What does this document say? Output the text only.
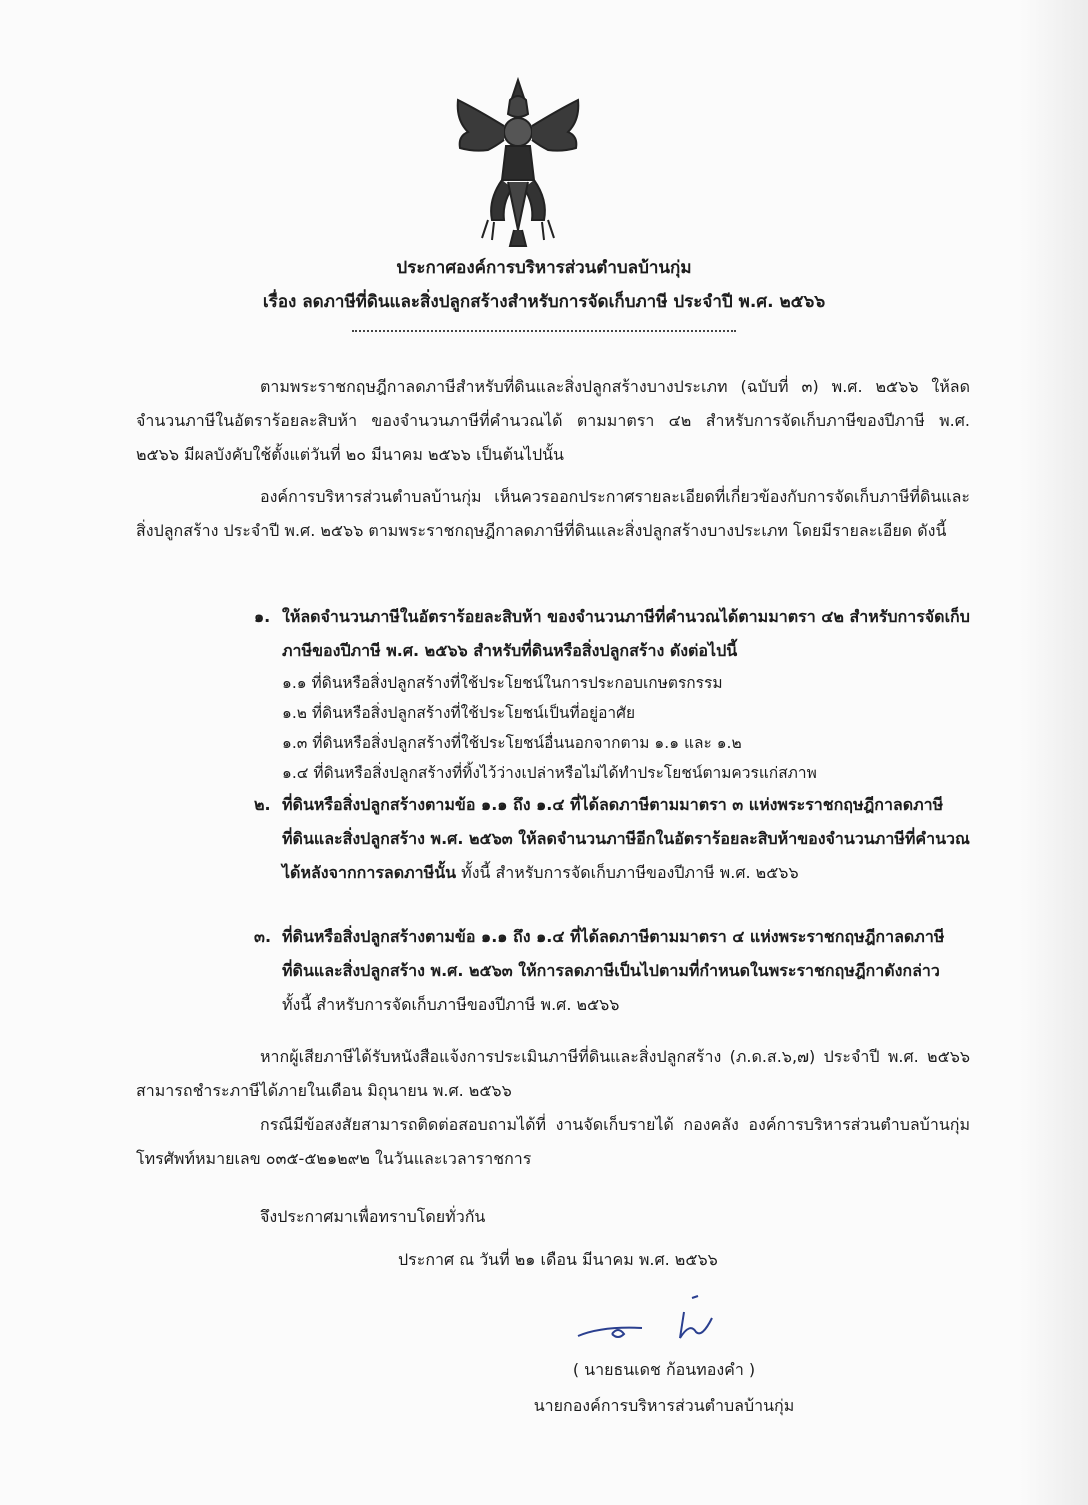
ประกาศองค์การบริหารส่วนตำบลบ้านกุ่ม
เรื่อง ลดภาษีที่ดินและสิ่งปลูกสร้างสำหรับการจัดเก็บภาษี ประจำปี พ.ศ. ๒๕๖๖
ตามพระราชกฤษฎีกาลดภาษีสำหรับที่ดินและสิ่งปลูกสร้างบางประเภท (ฉบับที่ ๓) พ.ศ. ๒๕๖๖ ให้ลดจำนวนภาษีในอัตราร้อยละสิบห้า ของจำนวนภาษีที่คำนวณได้ ตามมาตรา ๔๒ สำหรับการจัดเก็บภาษีของปีภาษี พ.ศ. ๒๕๖๖ มีผลบังคับใช้ตั้งแต่วันที่ ๒๐ มีนาคม ๒๕๖๖ เป็นต้นไปนั้น
องค์การบริหารส่วนตำบลบ้านกุ่ม เห็นควรออกประกาศรายละเอียดที่เกี่ยวข้องกับการจัดเก็บภาษีที่ดินและสิ่งปลูกสร้าง ประจำปี พ.ศ. ๒๕๖๖ ตามพระราชกฤษฎีกาลดภาษีที่ดินและสิ่งปลูกสร้างบางประเภท โดยมีรายละเอียด ดังนี้
๑. ให้ลดจำนวนภาษีในอัตราร้อยละสิบห้า ของจำนวนภาษีที่คำนวณได้ตามมาตรา ๔๒ สำหรับการจัดเก็บภาษีของปีภาษี พ.ศ. ๒๕๖๖ สำหรับที่ดินหรือสิ่งปลูกสร้าง ดังต่อไปนี้
๑.๑ ที่ดินหรือสิ่งปลูกสร้างที่ใช้ประโยชน์ในการประกอบเกษตรกรรม
๑.๒ ที่ดินหรือสิ่งปลูกสร้างที่ใช้ประโยชน์เป็นที่อยู่อาศัย
๑.๓ ที่ดินหรือสิ่งปลูกสร้างที่ใช้ประโยชน์อื่นนอกจากตาม ๑.๑ และ ๑.๒
๑.๔ ที่ดินหรือสิ่งปลูกสร้างที่ทิ้งไว้ว่างเปล่าหรือไม่ได้ทำประโยชน์ตามควรแก่สภาพ
๒. ที่ดินหรือสิ่งปลูกสร้างตามข้อ ๑.๑ ถึง ๑.๔ ที่ได้ลดภาษีตามมาตรา ๓ แห่งพระราชกฤษฎีกาลดภาษีที่ดินและสิ่งปลูกสร้าง พ.ศ. ๒๕๖๓ ให้ลดจำนวนภาษีอีกในอัตราร้อยละสิบห้าของจำนวนภาษีที่คำนวณได้หลังจากการลดภาษีนั้น ทั้งนี้ สำหรับการจัดเก็บภาษีของปีภาษี พ.ศ. ๒๕๖๖
๓. ที่ดินหรือสิ่งปลูกสร้างตามข้อ ๑.๑ ถึง ๑.๔ ที่ได้ลดภาษีตามมาตรา ๔ แห่งพระราชกฤษฎีกาลดภาษีที่ดินและสิ่งปลูกสร้าง พ.ศ. ๒๕๖๓ ให้การลดภาษีเป็นไปตามที่กำหนดในพระราชกฤษฎีกาดังกล่าว ทั้งนี้ สำหรับการจัดเก็บภาษีของปีภาษี พ.ศ. ๒๕๖๖
หากผู้เสียภาษีได้รับหนังสือแจ้งการประเมินภาษีที่ดินและสิ่งปลูกสร้าง (ภ.ด.ส.๖,๗) ประจำปี พ.ศ. ๒๕๖๖ สามารถชำระภาษีได้ภายในเดือน มิถุนายน พ.ศ. ๒๕๖๖
กรณีมีข้อสงสัยสามารถติดต่อสอบถามได้ที่ งานจัดเก็บรายได้ กองคลัง องค์การบริหารส่วนตำบลบ้านกุ่ม โทรศัพท์หมายเลข ๐๓๕-๕๒๑๒๙๒ ในวันและเวลาราชการ
จึงประกาศมาเพื่อทราบโดยทั่วกัน
ประกาศ ณ วันที่ ๒๑ เดือน มีนาคม พ.ศ. ๒๕๖๖
( นายธนเดช ก้อนทองคำ )
นายกองค์การบริหารส่วนตำบลบ้านกุ่ม
